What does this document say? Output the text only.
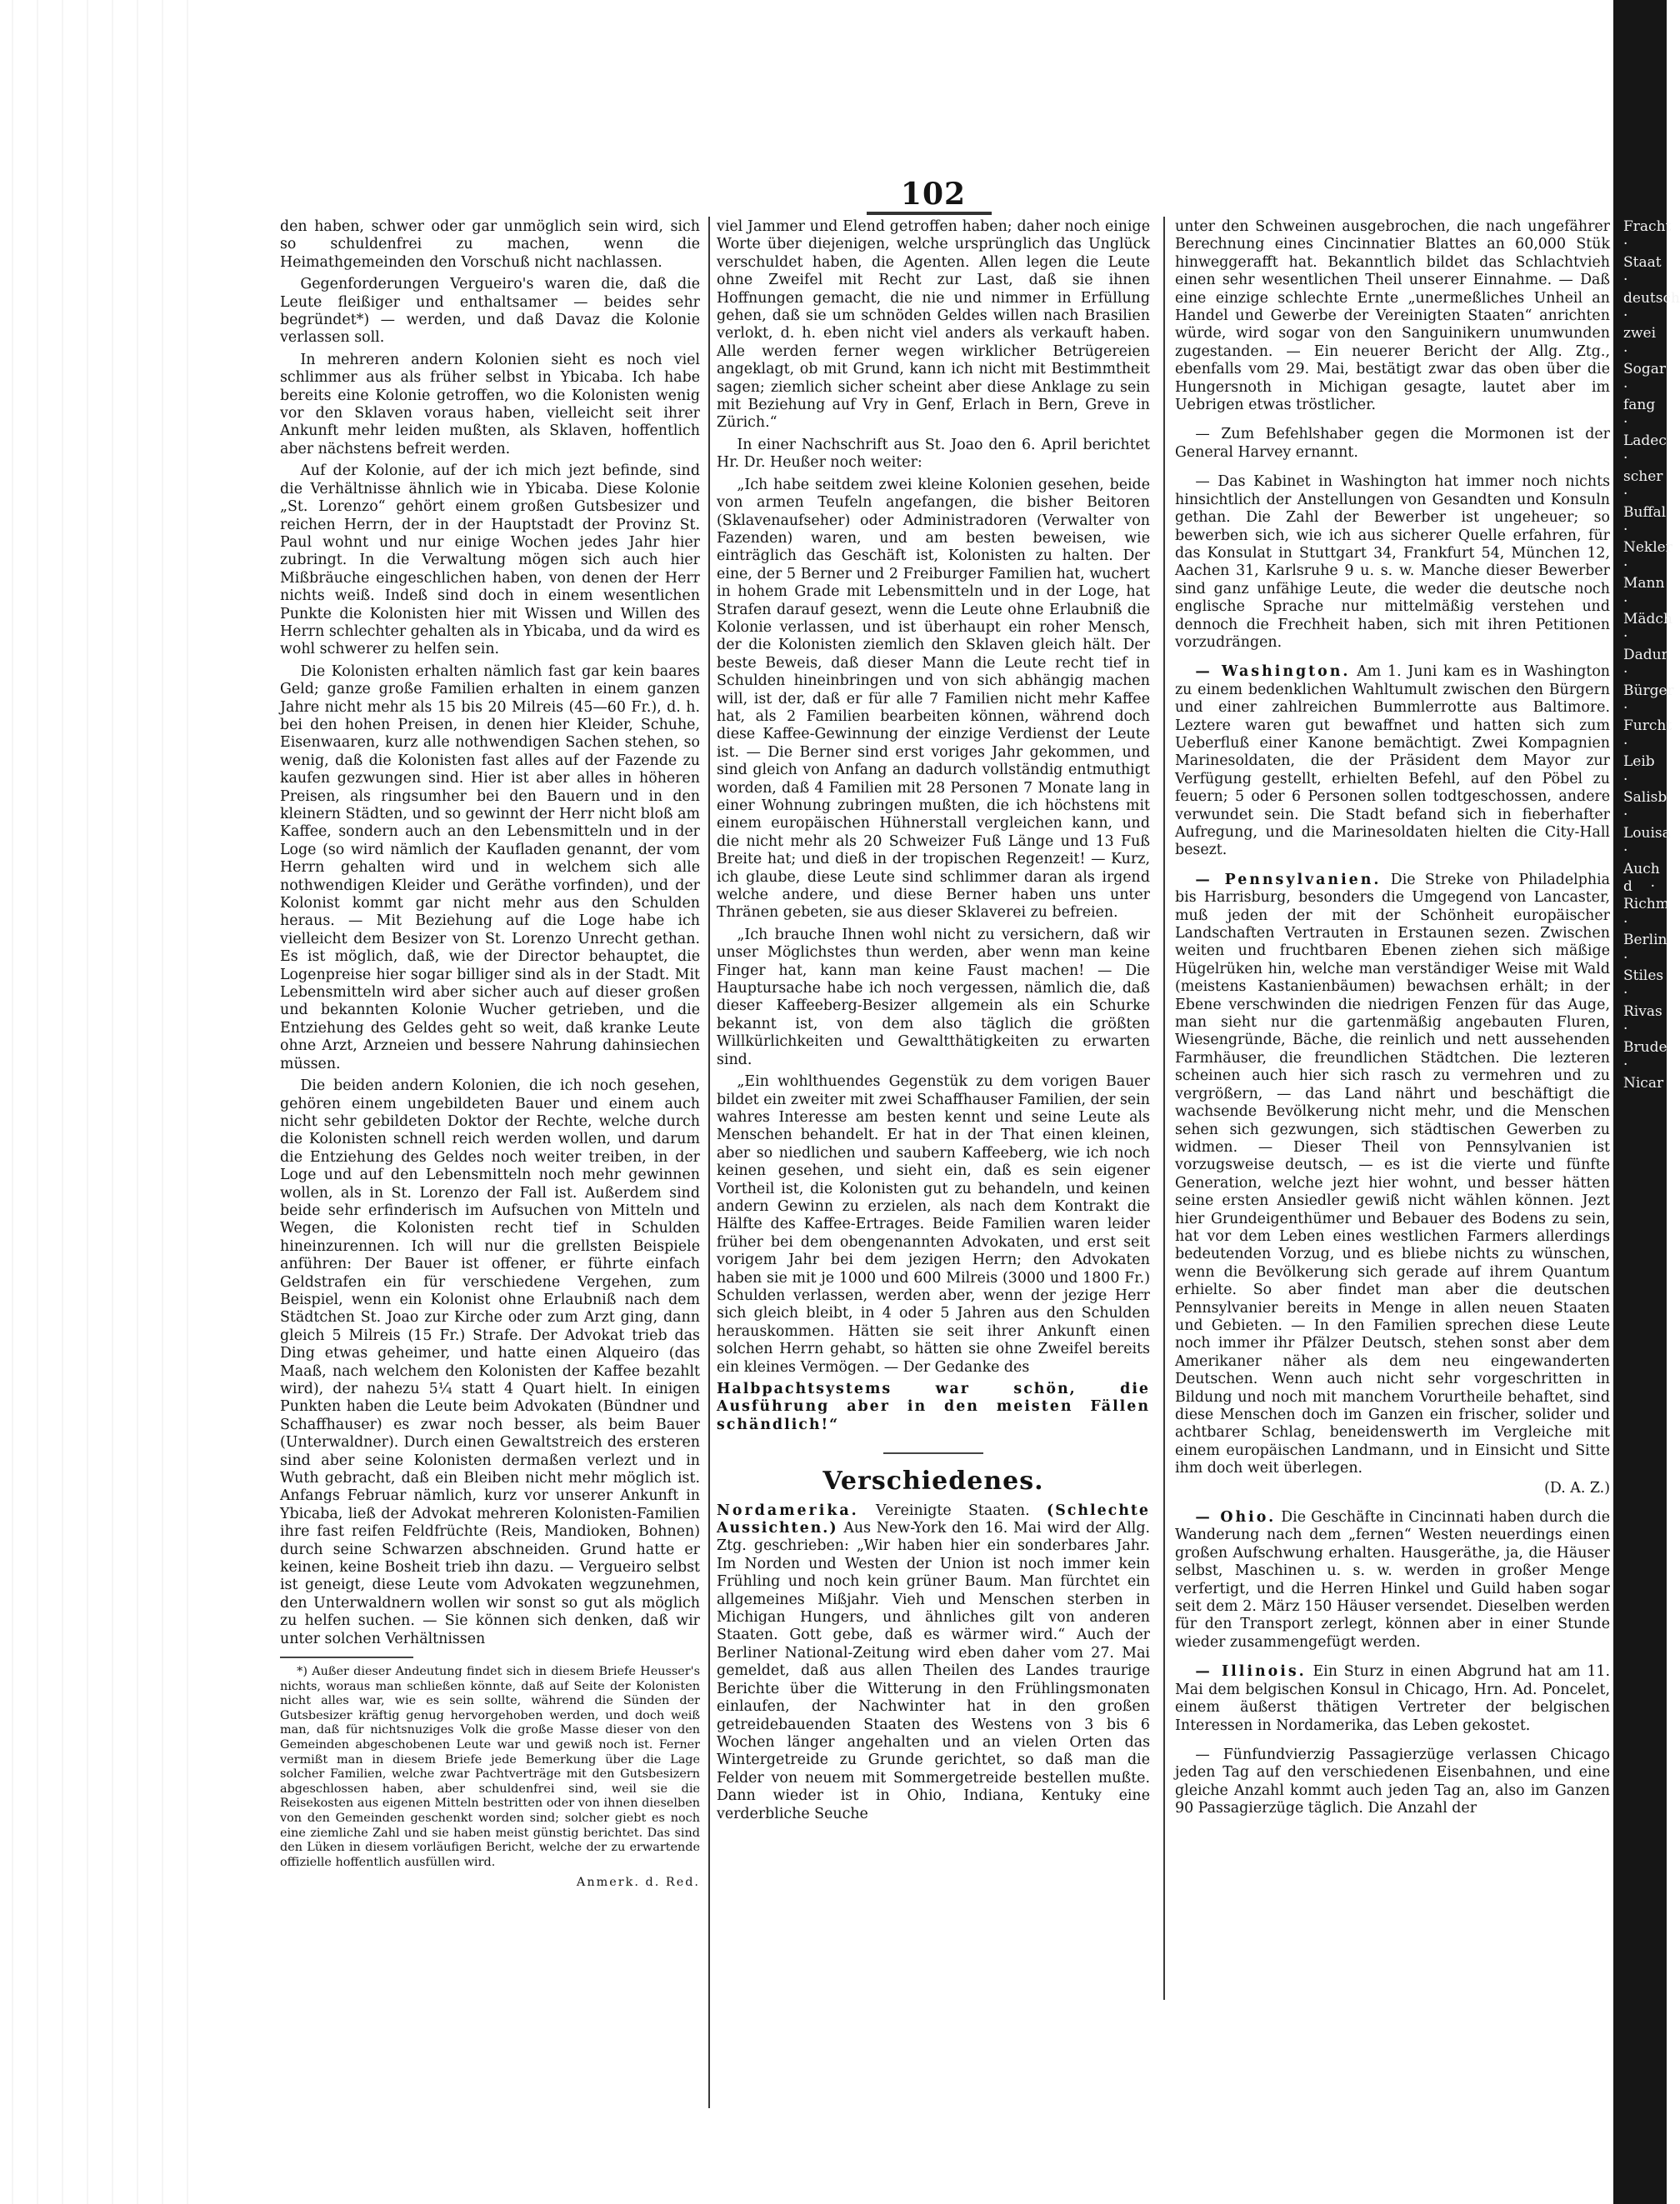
102

den haben, schwer oder gar unmöglich sein wird, sich so schuldenfrei zu machen, wenn die Heimathgemeinden den Vorschuß nicht nachlassen.

Gegenforderungen Vergueiro's waren die, daß die Leute fleißiger und enthaltsamer — beides sehr begründet*) — werden, und daß Davaz die Kolonie verlassen soll.

In mehreren andern Kolonien sieht es noch viel schlimmer aus als früher selbst in Ybicaba. Ich habe bereits eine Kolonie getroffen, wo die Kolonisten wenig vor den Sklaven voraus haben, vielleicht seit ihrer Ankunft mehr leiden mußten, als Sklaven, hoffentlich aber nächstens befreit werden.

Auf der Kolonie, auf der ich mich jezt befinde, sind die Verhältnisse ähnlich wie in Ybicaba. Diese Kolonie „St. Lorenzo“ gehört einem großen Gutsbesizer und reichen Herrn, der in der Hauptstadt der Provinz St. Paul wohnt und nur einige Wochen jedes Jahr hier zubringt. In die Verwaltung mögen sich auch hier Mißbräuche eingeschlichen haben, von denen der Herr nichts weiß. Indeß sind doch in einem wesentlichen Punkte die Kolonisten hier mit Wissen und Willen des Herrn schlechter gehalten als in Ybicaba, und da wird es wohl schwerer zu helfen sein.

Die Kolonisten erhalten nämlich fast gar kein baares Geld; ganze große Familien erhalten in einem ganzen Jahre nicht mehr als 15 bis 20 Milreis (45—60 Fr.), d. h. bei den hohen Preisen, in denen hier Kleider, Schuhe, Eisenwaaren, kurz alle nothwendigen Sachen stehen, so wenig, daß die Kolonisten fast alles auf der Fazende zu kaufen gezwungen sind. Hier ist aber alles in höheren Preisen, als ringsumher bei den Bauern und in den kleinern Städten, und so gewinnt der Herr nicht bloß am Kaffee, sondern auch an den Lebensmitteln und in der Loge (so wird nämlich der Kaufladen genannt, der vom Herrn gehalten wird und in welchem sich alle nothwendigen Kleider und Geräthe vorfinden), und der Kolonist kommt gar nicht mehr aus den Schulden heraus. — Mit Beziehung auf die Loge habe ich vielleicht dem Besizer von St. Lorenzo Unrecht gethan. Es ist möglich, daß, wie der Director behauptet, die Logenpreise hier sogar billiger sind als in der Stadt. Mit Lebensmitteln wird aber sicher auch auf dieser großen und bekannten Kolonie Wucher getrieben, und die Entziehung des Geldes geht so weit, daß kranke Leute ohne Arzt, Arzneien und bessere Nahrung dahinsiechen müssen.

Die beiden andern Kolonien, die ich noch gesehen, gehören einem ungebildeten Bauer und einem auch nicht sehr gebildeten Doktor der Rechte, welche durch die Kolonisten schnell reich werden wollen, und darum die Entziehung des Geldes noch weiter treiben, in der Loge und auf den Lebensmitteln noch mehr gewinnen wollen, als in St. Lorenzo der Fall ist. Außerdem sind beide sehr erfinderisch im Aufsuchen von Mitteln und Wegen, die Kolonisten recht tief in Schulden hineinzurennen. Ich will nur die grellsten Beispiele anführen: Der Bauer ist offener, er führte einfach Geldstrafen ein für verschiedene Vergehen, zum Beispiel, wenn ein Kolonist ohne Erlaubniß nach dem Städtchen St. Joao zur Kirche oder zum Arzt ging, dann gleich 5 Milreis (15 Fr.) Strafe. Der Advokat trieb das Ding etwas geheimer, und hatte einen Alqueiro (das Maaß, nach welchem den Kolonisten der Kaffee bezahlt wird), der nahezu 5¼ statt 4 Quart hielt. In einigen Punkten haben die Leute beim Advokaten (Bündner und Schaffhauser) es zwar noch besser, als beim Bauer (Unterwaldner). Durch einen Gewaltstreich des ersteren sind aber seine Kolonisten dermaßen verlezt und in Wuth gebracht, daß ein Bleiben nicht mehr möglich ist. Anfangs Februar nämlich, kurz vor unserer Ankunft in Ybicaba, ließ der Advokat mehreren Kolonisten-Familien ihre fast reifen Feldfrüchte (Reis, Mandioken, Bohnen) durch seine Schwarzen abschneiden. Grund hatte er keinen, keine Bosheit trieb ihn dazu. — Vergueiro selbst ist geneigt, diese Leute vom Advokaten wegzunehmen, den Unterwaldnern wollen wir sonst so gut als möglich zu helfen suchen. — Sie können sich denken, daß wir unter solchen Verhältnissen

*) Außer dieser Andeutung findet sich in diesem Briefe Heusser's nichts, woraus man schließen könnte, daß auf Seite der Kolonisten nicht alles war, wie es sein sollte, während die Sünden der Gutsbesizer kräftig genug hervorgehoben werden, und doch weiß man, daß für nichtsnuziges Volk die große Masse dieser von den Gemeinden abgeschobenen Leute war und gewiß noch ist. Ferner vermißt man in diesem Briefe jede Bemerkung über die Lage solcher Familien, welche zwar Pachtverträge mit den Gutsbesizern abgeschlossen haben, aber schuldenfrei sind, weil sie die Reisekosten aus eigenen Mitteln bestritten oder von ihnen dieselben von den Gemeinden geschenkt worden sind; solcher giebt es noch eine ziemliche Zahl und sie haben meist günstig berichtet. Das sind den Lüken in diesem vorläufigen Bericht, welche der zu erwartende offizielle hoffentlich ausfüllen wird.

Anmerk. d. Red.

viel Jammer und Elend getroffen haben; daher noch einige Worte über diejenigen, welche ursprünglich das Unglück verschuldet haben, die Agenten. Allen legen die Leute ohne Zweifel mit Recht zur Last, daß sie ihnen Hoffnungen gemacht, die nie und nimmer in Erfüllung gehen, daß sie um schnöden Geldes willen nach Brasilien verlokt, d. h. eben nicht viel anders als verkauft haben. Alle werden ferner wegen wirklicher Betrügereien angeklagt, ob mit Grund, kann ich nicht mit Bestimmtheit sagen; ziemlich sicher scheint aber diese Anklage zu sein mit Beziehung auf Vry in Genf, Erlach in Bern, Greve in Zürich.“

In einer Nachschrift aus St. Joao den 6. April berichtet Hr. Dr. Heußer noch weiter:

„Ich habe seitdem zwei kleine Kolonien gesehen, beide von armen Teufeln angefangen, die bisher Beitoren (Sklavenaufseher) oder Administradoren (Verwalter von Fazenden) waren, und am besten beweisen, wie einträglich das Geschäft ist, Kolonisten zu halten. Der eine, der 5 Berner und 2 Freiburger Familien hat, wuchert in hohem Grade mit Lebensmitteln und in der Loge, hat Strafen darauf gesezt, wenn die Leute ohne Erlaubniß die Kolonie verlassen, und ist überhaupt ein roher Mensch, der die Kolonisten ziemlich den Sklaven gleich hält. Der beste Beweis, daß dieser Mann die Leute recht tief in Schulden hineinbringen und von sich abhängig machen will, ist der, daß er für alle 7 Familien nicht mehr Kaffee hat, als 2 Familien bearbeiten können, während doch diese Kaffee-Gewinnung der einzige Verdienst der Leute ist. — Die Berner sind erst voriges Jahr gekommen, und sind gleich von Anfang an dadurch vollständig entmuthigt worden, daß 4 Familien mit 28 Personen 7 Monate lang in einer Wohnung zubringen mußten, die ich höchstens mit einem europäischen Hühnerstall vergleichen kann, und die nicht mehr als 20 Schweizer Fuß Länge und 13 Fuß Breite hat; und dieß in der tropischen Regenzeit! — Kurz, ich glaube, diese Leute sind schlimmer daran als irgend welche andere, und diese Berner haben uns unter Thränen gebeten, sie aus dieser Sklaverei zu befreien.

„Ich brauche Ihnen wohl nicht zu versichern, daß wir unser Möglichstes thun werden, aber wenn man keine Finger hat, kann man keine Faust machen! — Die Hauptursache habe ich noch vergessen, nämlich die, daß dieser Kaffeeberg-Besizer allgemein als ein Schurke bekannt ist, von dem also täglich die größten Willkürlichkeiten und Gewaltthätigkeiten zu erwarten sind.

„Ein wohlthuendes Gegenstük zu dem vorigen Bauer bildet ein zweiter mit zwei Schaffhauser Familien, der sein wahres Interesse am besten kennt und seine Leute als Menschen behandelt. Er hat in der That einen kleinen, aber so niedlichen und saubern Kaffeeberg, wie ich noch keinen gesehen, und sieht ein, daß es sein eigener Vortheil ist, die Kolonisten gut zu behandeln, und keinen andern Gewinn zu erzielen, als nach dem Kontrakt die Hälfte des Kaffee-Ertrages. Beide Familien waren leider früher bei dem obengenannten Advokaten, und erst seit vorigem Jahr bei dem jezigen Herrn; den Advokaten haben sie mit je 1000 und 600 Milreis (3000 und 1800 Fr.) Schulden verlassen, werden aber, wenn der jezige Herr sich gleich bleibt, in 4 oder 5 Jahren aus den Schulden herauskommen. Hätten sie seit ihrer Ankunft einen solchen Herrn gehabt, so hätten sie ohne Zweifel bereits ein kleines Vermögen. — Der Gedanke des

Halbpachtsystems war schön, die Ausführung aber in den meisten Fällen schändlich!“

Verschiedenes.

Nordamerika. Vereinigte Staaten. (Schlechte Aussichten.) Aus New-York den 16. Mai wird der Allg. Ztg. geschrieben: „Wir haben hier ein sonderbares Jahr. Im Norden und Westen der Union ist noch immer kein Frühling und noch kein grüner Baum. Man fürchtet ein allgemeines Mißjahr. Vieh und Menschen sterben in Michigan Hungers, und ähnliches gilt von anderen Staaten. Gott gebe, daß es wärmer wird.“ Auch der Berliner National-Zeitung wird eben daher vom 27. Mai gemeldet, daß aus allen Theilen des Landes traurige Berichte über die Witterung in den Frühlingsmonaten einlaufen, der Nachwinter hat in den großen getreidebauenden Staaten des Westens von 3 bis 6 Wochen länger angehalten und an vielen Orten das Wintergetreide zu Grunde gerichtet, so daß man die Felder von neuem mit Sommergetreide bestellen mußte. Dann wieder ist in Ohio, Indiana, Kentuky eine verderbliche Seuche

unter den Schweinen ausgebrochen, die nach ungefährer Berechnung eines Cincinnatier Blattes an 60,000 Stük hinweggerafft hat. Bekanntlich bildet das Schlachtvieh einen sehr wesentlichen Theil unserer Einnahme. — Daß eine einzige schlechte Ernte „unermeßliches Unheil an Handel und Gewerbe der Vereinigten Staaten“ anrichten würde, wird sogar von den Sanguinikern unumwunden zugestanden. — Ein neuerer Bericht der Allg. Ztg., ebenfalls vom 29. Mai, bestätigt zwar das oben über die Hungersnoth in Michigan gesagte, lautet aber im Uebrigen etwas tröstlicher.

— Zum Befehlshaber gegen die Mormonen ist der General Harvey ernannt.

— Das Kabinet in Washington hat immer noch nichts hinsichtlich der Anstellungen von Gesandten und Konsuln gethan. Die Zahl der Bewerber ist ungeheuer; so bewerben sich, wie ich aus sicherer Quelle erfahren, für das Konsulat in Stuttgart 34, Frankfurt 54, München 12, Aachen 31, Karlsruhe 9 u. s. w. Manche dieser Bewerber sind ganz unfähige Leute, die weder die deutsche noch englische Sprache nur mittelmäßig verstehen und dennoch die Frechheit haben, sich mit ihren Petitionen vorzudrängen.

— Washington. Am 1. Juni kam es in Washington zu einem bedenklichen Wahltumult zwischen den Bürgern und einer zahlreichen Bummlerrotte aus Baltimore. Leztere waren gut bewaffnet und hatten sich zum Ueberfluß einer Kanone bemächtigt. Zwei Kompagnien Marinesoldaten, die der Präsident dem Mayor zur Verfügung gestellt, erhielten Befehl, auf den Pöbel zu feuern; 5 oder 6 Personen sollen todtgeschossen, andere verwundet sein. Die Stadt befand sich in fieberhafter Aufregung, und die Marinesoldaten hielten die City-Hall besezt.

— Pennsylvanien. Die Streke von Philadelphia bis Harrisburg, besonders die Umgegend von Lancaster, muß jeden der mit der Schönheit europäischer Landschaften Vertrauten in Erstaunen sezen. Zwischen weiten und fruchtbaren Ebenen ziehen sich mäßige Hügelrüken hin, welche man verständiger Weise mit Wald (meistens Kastanienbäumen) bewachsen erhält; in der Ebene verschwinden die niedrigen Fenzen für das Auge, man sieht nur die gartenmäßig angebauten Fluren, Wiesengründe, Bäche, die reinlich und nett aussehenden Farmhäuser, die freundlichen Städtchen. Die lezteren scheinen auch hier sich rasch zu vermehren und zu vergrößern, — das Land nährt und beschäftigt die wachsende Bevölkerung nicht mehr, und die Menschen sehen sich gezwungen, sich städtischen Gewerben zu widmen. — Dieser Theil von Pennsylvanien ist vorzugsweise deutsch, — es ist die vierte und fünfte Generation, welche jezt hier wohnt, und besser hätten seine ersten Ansiedler gewiß nicht wählen können. Jezt hier Grundeigenthümer und Bebauer des Bodens zu sein, hat vor dem Leben eines westlichen Farmers allerdings bedeutenden Vorzug, und es bliebe nichts zu wünschen, wenn die Bevölkerung sich gerade auf ihrem Quantum erhielte. So aber findet man aber die deutschen Pennsylvanier bereits in Menge in allen neuen Staaten und Gebieten. — In den Familien sprechen diese Leute noch immer ihr Pfälzer Deutsch, stehen sonst aber dem Amerikaner näher als dem neu eingewanderten Deutschen. Wenn auch nicht sehr vorgeschritten in Bildung und noch mit manchem Vorurtheile behaftet, sind diese Menschen doch im Ganzen ein frischer, solider und achtbarer Schlag, beneidenswerth im Vergleiche mit einem europäischen Landmann, und in Einsicht und Sitte ihm doch weit überlegen.
(D. A. Z.)

— Ohio. Die Geschäfte in Cincinnati haben durch die Wanderung nach dem „fernen“ Westen neuerdings einen großen Aufschwung erhalten. Hausgeräthe, ja, die Häuser selbst, Maschinen u. s. w. werden in großer Menge verfertigt, und die Herren Hinkel und Guild haben sogar seit dem 2. März 150 Häuser versendet. Dieselben werden für den Transport zerlegt, können aber in einer Stunde wieder zusammengefügt werden.

— Illinois. Ein Sturz in einen Abgrund hat am 11. Mai dem belgischen Konsul in Chicago, Hrn. Ad. Poncelet, einem äußerst thätigen Vertreter der belgischen Interessen in Nordamerika, das Leben gekostet.

— Fünfundvierzig Passagierzüge verlassen Chicago jeden Tag auf den verschiedenen Eisenbahnen, und eine gleiche Anzahl kommt auch jeden Tag an, also im Ganzen 90 Passagierzüge täglich. Die Anzahl der

Fracht · Staat · deutsch · zwei · Sogar · fang · Ladec · scher · Buffal · Nekler · Mann · Mädch · Dadur · Bürger · Furcht · Leib · Salisb · Louisa · Auch d · Richm · Berlin · Stiles · Rivas · Brude · Nicar
